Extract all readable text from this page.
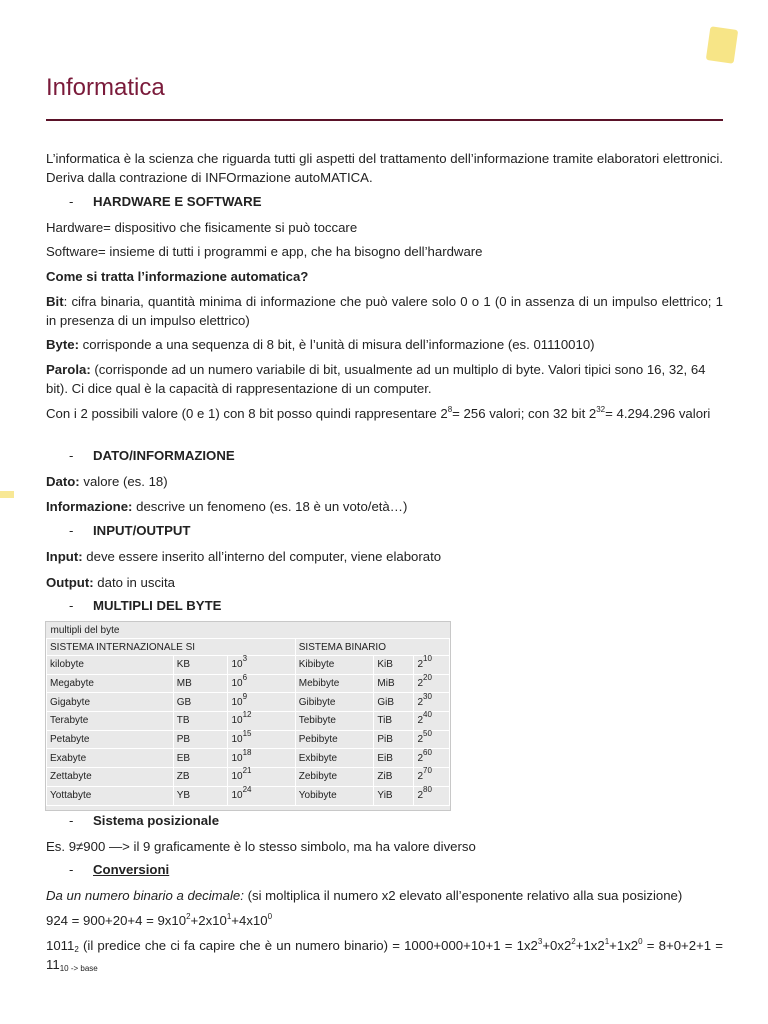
Informatica
L’informatica è la scienza che riguarda tutti gli aspetti del trattamento dell’informazione tramite elaboratori elettronici. Deriva dalla contrazione di INFOrmazione autoMATICA.
- HARDWARE E SOFTWARE
Hardware= dispositivo che fisicamente si può toccare
Software= insieme di tutti i programmi e app, che ha bisogno dell’hardware
Come si tratta l’informazione automatica?
Bit: cifra binaria, quantità minima di informazione che può valere solo 0 o 1 (0 in assenza di un impulso elettrico; 1 in presenza di un impulso elettrico)
Byte: corrisponde a una sequenza di 8 bit, è l’unità di misura dell’informazione (es. 01110010)
Parola: (corrisponde ad un numero variabile di bit, usualmente ad un multiplo di byte. Valori tipici sono 16, 32, 64 bit). Ci dice qual è la capacità di rappresentazione di un computer.
Con i 2 possibili valore (0 e 1) con 8 bit posso quindi rappresentare $2^8= 256$ valori; con 32 bit $2^{32}= 4.294.296$ valori
- DATO/INFORMAZIONE
Dato: valore (es. 18)
Informazione: descrive un fenomeno (es. 18 è un voto/età…)
- INPUT/OUTPUT
Input: deve essere inserito all’interno del computer, viene elaborato
Output: dato in uscita
- MULTIPLI DEL BYTE
multipli del byte					
SISTEMA INTERNAZIONALE SI			SISTEMA BINARIO		
kilobyte	KB	$10^3$	Kibibyte	KiB	$2^{10}$
Megabyte	MB	$10^6$	Mebibyte	MiB	$2^{20}$
Gigabyte	GB	$10^9$	Gibibyte	GiB	$2^{30}$
Terabyte	TB	$10^{12}$	Tebibyte	TiB	$2^{40}$
Petabyte	PB	$10^{15}$	Pebibyte	PiB	$2^{50}$
Exabyte	EB	$10^{18}$	Exbibyte	EiB	$2^{60}$
Zettabyte	ZB	$10^{21}$	Zebibyte	ZiB	$2^{70}$
Yottabyte	YB	$10^{24}$	Yobibyte	YiB	$2^{80}$
- Sistema posizionale
Es. 9≠900 —> il 9 graficamente è lo stesso simbolo, ma ha valore diverso
- Conversioni
Da un numero binario a decimale: (si moltiplica il numero x2 elevato all’esponente relativo alla sua posizione)
$924 = 900+20+4 = 9x10^2+2x10^1+4x10^0$
$1011_2$ (il predice che ci fa capire che è un numero binario) = $1000+000+10+1 = 1x2^3+0x2^2+1x2^1+1x2^0 = 8+0+2+1 = 11_{10 -> base}$
